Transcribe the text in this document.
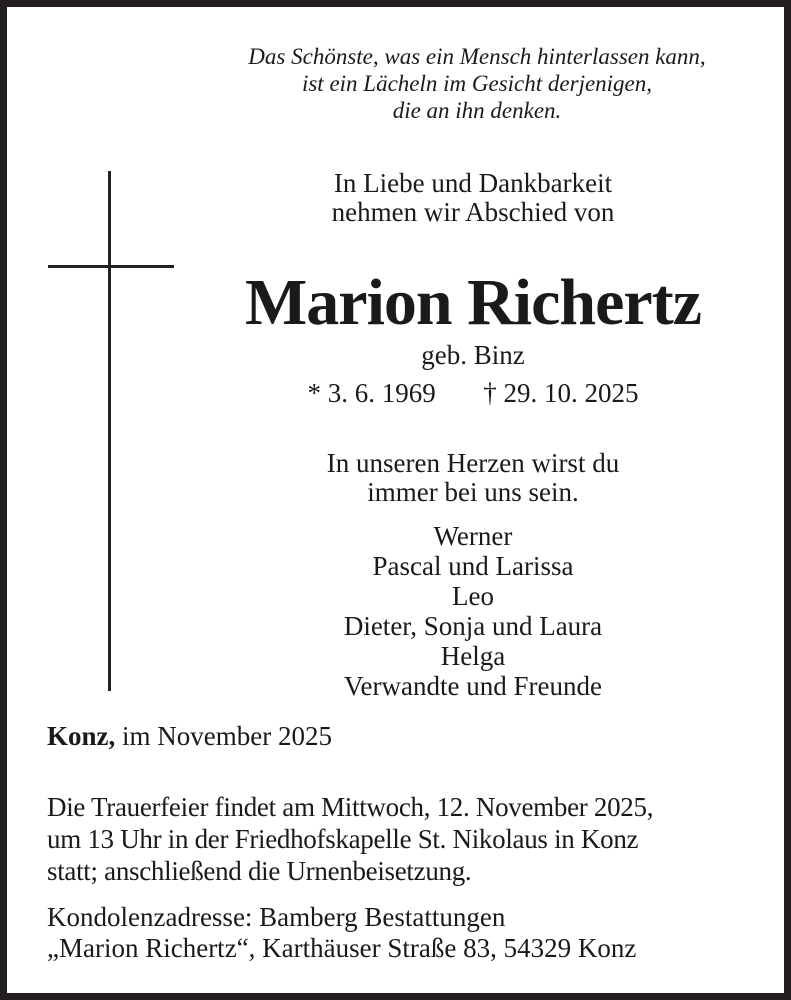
Das Schönste, was ein Mensch hinterlassen kann,
ist ein Lächeln im Gesicht derjenigen,
die an ihn denken.
In Liebe und Dankbarkeit
nehmen wir Abschied von
Marion Richertz
geb. Binz
* 3. 6. 1969 † 29. 10. 2025
In unseren Herzen wirst du
immer bei uns sein.
Werner
Pascal und Larissa
Leo
Dieter, Sonja und Laura
Helga
Verwandte und Freunde
Konz, im November 2025
Die Trauerfeier findet am Mittwoch, 12. November 2025,
um 13 Uhr in der Friedhofskapelle St. Nikolaus in Konz
statt; anschließend die Urnenbeisetzung.
Kondolenzadresse: Bamberg Bestattungen
„Marion Richertz“, Karthäuser Straße 83, 54329 Konz
